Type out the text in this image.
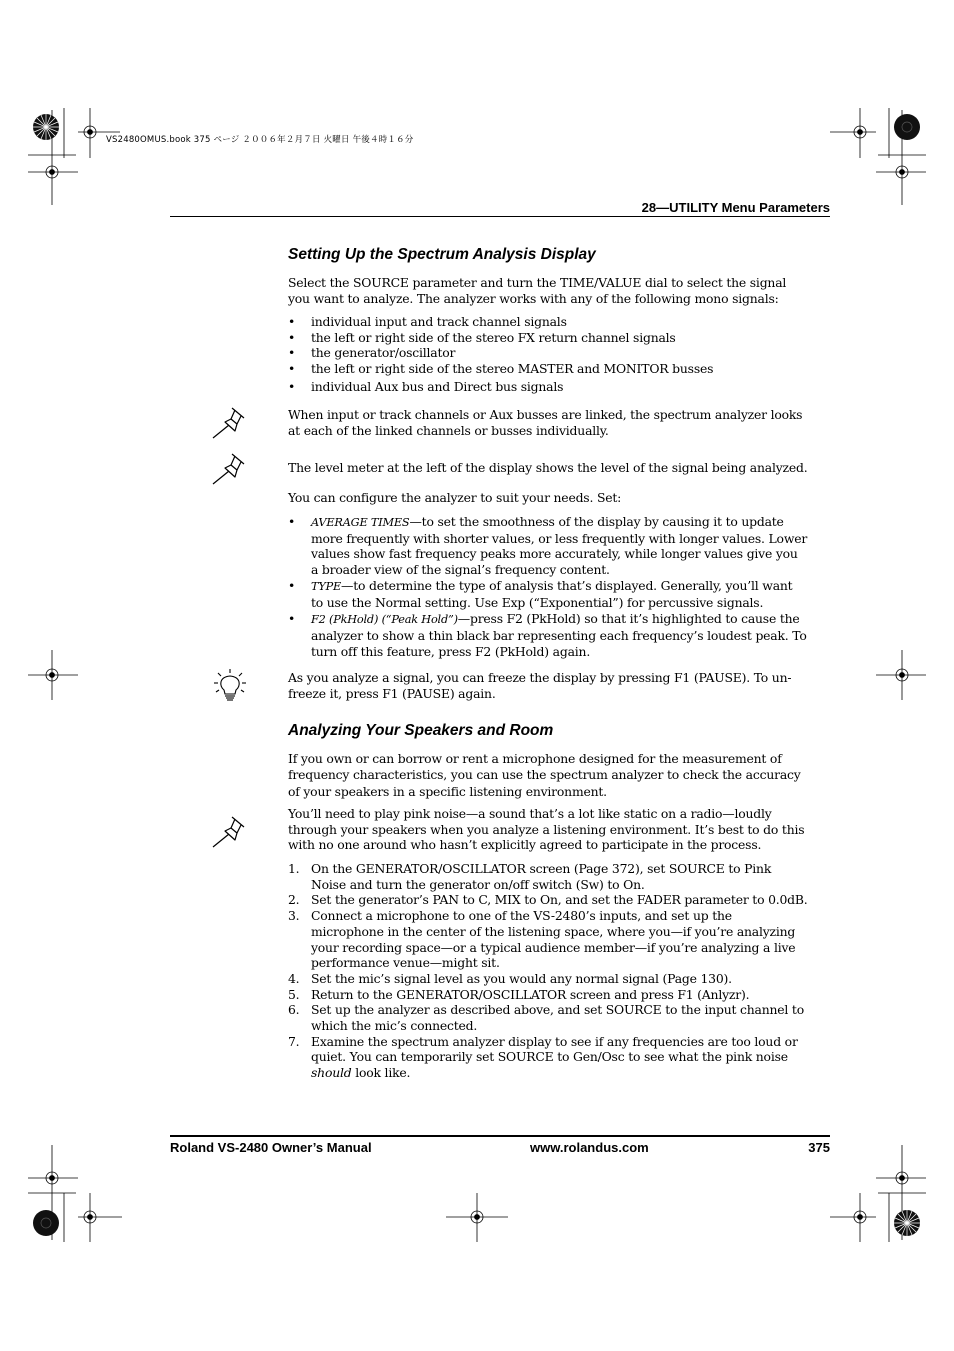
VS2480OMUS.book 375 ページ ２００６年２月７日 火曜日 午後４時１６分
28—UTILITY Menu Parameters
Setting Up the Spectrum Analysis Display

Select the SOURCE parameter and turn the TIME/VALUE dial to select the signal you want to analyze. The analyzer works with any of the following mono signals:

• individual input and track channel signals
• the left or right side of the stereo FX return channel signals
• the generator/oscillator
• the left or right side of the stereo MASTER and MONITOR busses
• individual Aux bus and Direct bus signals

When input or track channels or Aux busses are linked, the spectrum analyzer looks at each of the linked channels or busses individually.

The level meter at the left of the display shows the level of the signal being analyzed.

You can configure the analyzer to suit your needs. Set:

• AVERAGE TIMES—to set the smoothness of the display by causing it to update more frequently with shorter values, or less frequently with longer values. Lower values show fast frequency peaks more accurately, while longer values give you a broader view of the signal’s frequency content.
• TYPE—to determine the type of analysis that’s displayed. Generally, you’ll want to use the Normal setting. Use Exp (“Exponential”) for percussive signals.
• F2 (PkHold) (“Peak Hold”)—press F2 (PkHold) so that it’s highlighted to cause the analyzer to show a thin black bar representing each frequency’s loudest peak. To turn off this feature, press F2 (PkHold) again.

As you analyze a signal, you can freeze the display by pressing F1 (PAUSE). To un-freeze it, press F1 (PAUSE) again.

Analyzing Your Speakers and Room

If you own or can borrow or rent a microphone designed for the measurement of frequency characteristics, you can use the spectrum analyzer to check the accuracy of your speakers in a specific listening environment.

You’ll need to play pink noise—a sound that’s a lot like static on a radio—loudly through your speakers when you analyze a listening environment. It’s best to do this with no one around who hasn’t explicitly agreed to participate in the process.

1. On the GENERATOR/OSCILLATOR screen (Page 372), set SOURCE to Pink Noise and turn the generator on/off switch (Sw) to On.
2. Set the generator’s PAN to C, MIX to On, and set the FADER parameter to 0.0dB.
3. Connect a microphone to one of the VS-2480’s inputs, and set up the microphone in the center of the listening space, where you—if you’re analyzing your recording space—or a typical audience member—if you’re analyzing a live performance venue—might sit.
4. Set the mic’s signal level as you would any normal signal (Page 130).
5. Return to the GENERATOR/OSCILLATOR screen and press F1 (Anlyzr).
6. Set up the analyzer as described above, and set SOURCE to the input channel to which the mic’s connected.
7. Examine the spectrum analyzer display to see if any frequencies are too loud or quiet. You can temporarily set SOURCE to Gen/Osc to see what the pink noise should look like.
Roland VS-2480 Owner’s Manual	www.rolandus.com	375
